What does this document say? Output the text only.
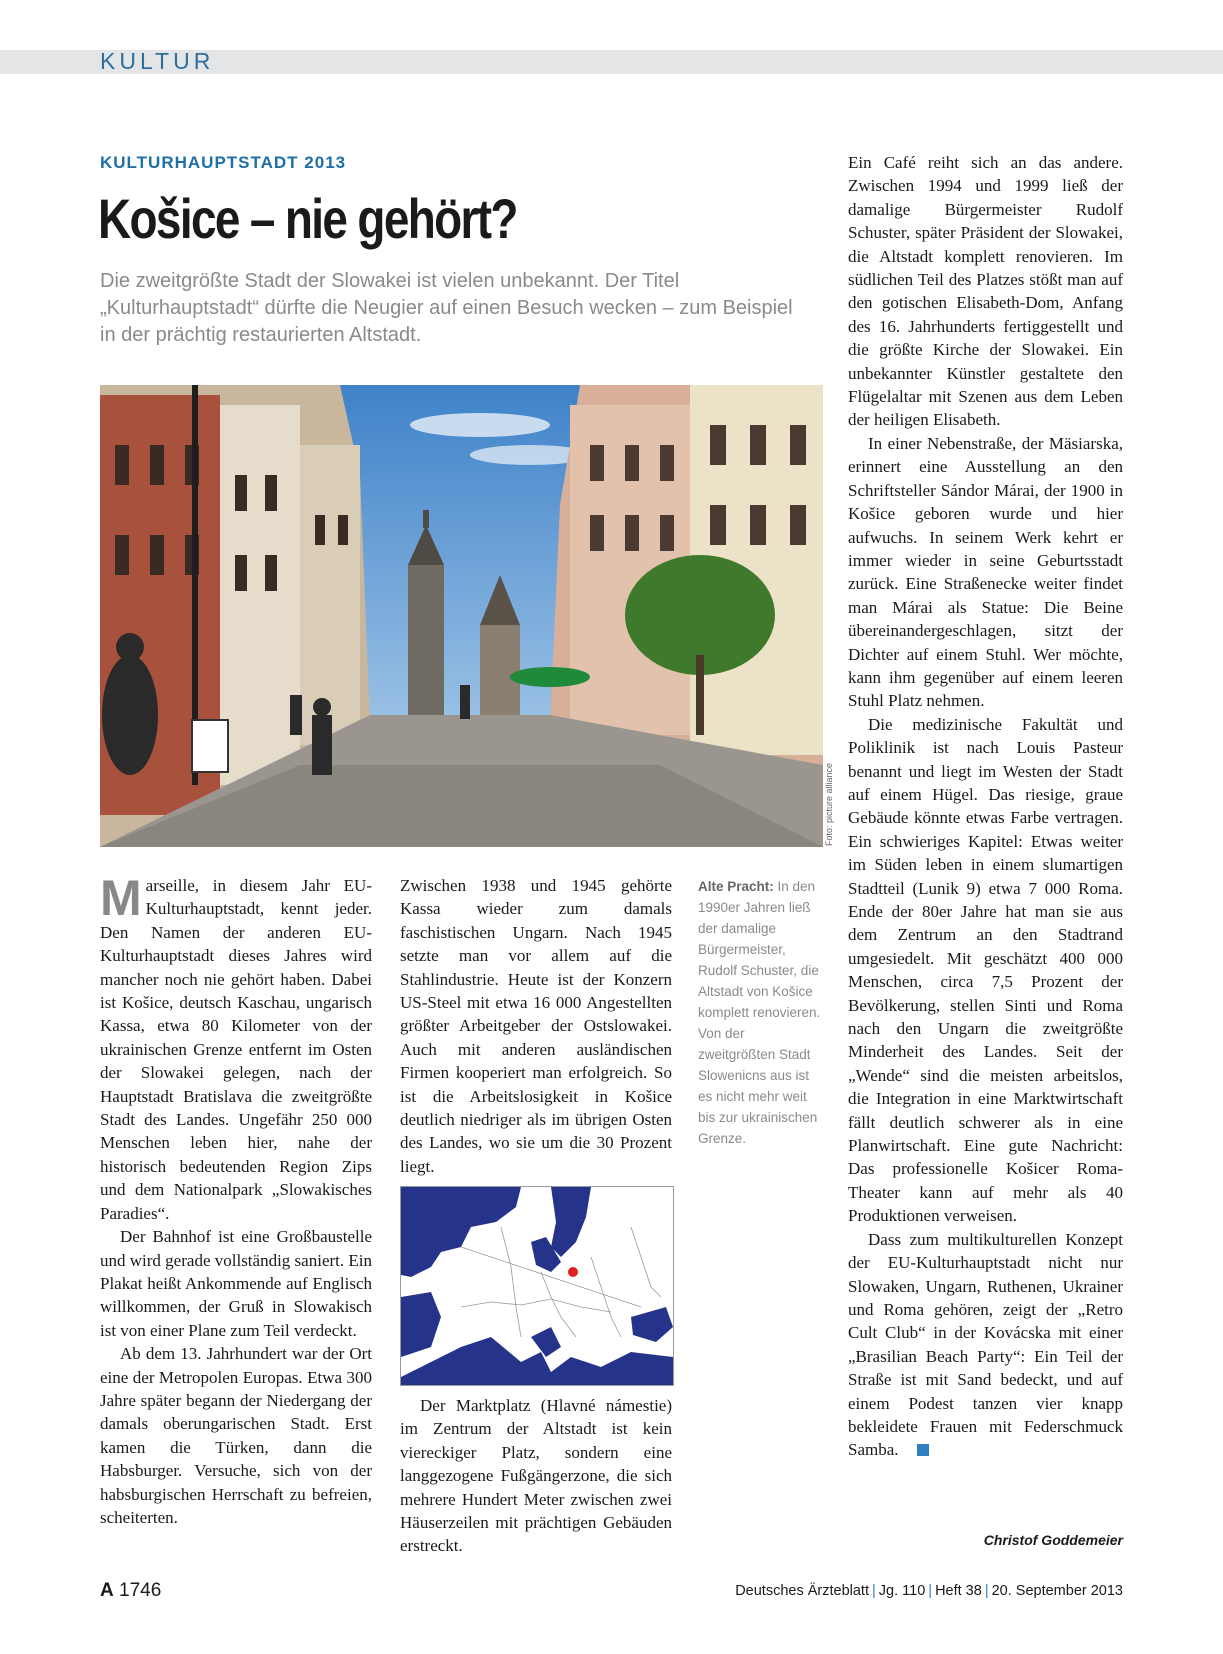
KULTUR
KULTURHAUPTSTADT 2013
Košice – nie gehört?
Die zweitgrößte Stadt der Slowakei ist vielen unbekannt. Der Titel „Kulturhauptstadt“ dürfte die Neugier auf einen Besuch wecken – zum Beispiel in der prächtig restaurierten Altstadt.
Foto: picture alliance

Marseille, in diesem Jahr EU-Kulturhauptstadt, kennt jeder. Den Namen der anderen EU-Kulturhauptstadt dieses Jahres wird mancher noch nie gehört haben. Dabei ist Košice, deutsch Kaschau, ungarisch Kassa, etwa 80 Kilometer von der ukrainischen Grenze entfernt im Osten der Slowakei gelegen, nach der Hauptstadt Bratislava die zweitgrößte Stadt des Landes. Ungefähr 250 000 Menschen leben hier, nahe der historisch bedeutenden Region Zips und dem Nationalpark „Slowakisches Paradies“.

Der Bahnhof ist eine Großbaustelle und wird gerade vollständig saniert. Ein Plakat heißt Ankommende auf Englisch willkommen, der Gruß in Slowakisch ist von einer Plane zum Teil verdeckt.

Ab dem 13. Jahrhundert war der Ort eine der Metropolen Europas. Etwa 300 Jahre später begann der Niedergang der damals oberungarischen Stadt. Erst kamen die Türken, dann die Habsburger. Versuche, sich von der habsburgischen Herrschaft zu befreien, scheiterten.

Zwischen 1938 und 1945 gehörte Kassa wieder zum damals faschistischen Ungarn. Nach 1945 setzte man vor allem auf die Stahlindustrie. Heute ist der Konzern US-Steel mit etwa 16 000 Angestellten größter Arbeitgeber der Ostslowakei. Auch mit anderen ausländischen Firmen kooperiert man erfolgreich. So ist die Arbeitslosigkeit in Košice deutlich niedriger als im übrigen Osten des Landes, wo sie um die 30 Prozent liegt.

Der Marktplatz (Hlavné námestie) im Zentrum der Altstadt ist kein viereckiger Platz, sondern eine langgezogene Fußgängerzone, die sich mehrere Hundert Meter zwischen zwei Häuserzeilen mit prächtigen Gebäuden erstreckt.

Alte Pracht: In den 1990er Jahren ließ der damalige Bürgermeister, Rudolf Schuster, die Altstadt von Košice komplett renovieren. Von der zweitgrößten Stadt Slowenicns aus ist es nicht mehr weit bis zur ukrainischen Grenze.

Ein Café reiht sich an das andere. Zwischen 1994 und 1999 ließ der damalige Bürgermeister Rudolf Schuster, später Präsident der Slowakei, die Altstadt komplett renovieren. Im südlichen Teil des Platzes stößt man auf den gotischen Elisabeth-Dom, Anfang des 16. Jahrhunderts fertiggestellt und die größte Kirche der Slowakei. Ein unbekannter Künstler gestaltete den Flügelaltar mit Szenen aus dem Leben der heiligen Elisabeth.

In einer Nebenstraße, der Mäsiarska, erinnert eine Ausstellung an den Schriftsteller Sándor Márai, der 1900 in Košice geboren wurde und hier aufwuchs. In seinem Werk kehrt er immer wieder in seine Geburtsstadt zurück. Eine Straßenecke weiter findet man Márai als Statue: Die Beine übereinandergeschlagen, sitzt der Dichter auf einem Stuhl. Wer möchte, kann ihm gegenüber auf einem leeren Stuhl Platz nehmen.

Die medizinische Fakultät und Poliklinik ist nach Louis Pasteur benannt und liegt im Westen der Stadt auf einem Hügel. Das riesige, graue Gebäude könnte etwas Farbe vertragen. Ein schwieriges Kapitel: Etwas weiter im Süden leben in einem slumartigen Stadtteil (Lunik 9) etwa 7 000 Roma. Ende der 80er Jahre hat man sie aus dem Zentrum an den Stadtrand umgesiedelt. Mit geschätzt 400 000 Menschen, circa 7,5 Prozent der Bevölkerung, stellen Sinti und Roma nach den Ungarn die zweitgrößte Minderheit des Landes. Seit der „Wende“ sind die meisten arbeitslos, die Integration in eine Marktwirtschaft fällt deutlich schwerer als in eine Planwirtschaft. Eine gute Nachricht: Das professionelle Košicer Roma-Theater kann auf mehr als 40 Produktionen verweisen.

Dass zum multikulturellen Konzept der EU-Kulturhauptstadt nicht nur Slowaken, Ungarn, Ruthenen, Ukrainer und Roma gehören, zeigt der „Retro Cult Club“ in der Kovácska mit einer „Brasilian Beach Party“: Ein Teil der Straße ist mit Sand bedeckt, und auf einem Podest tanzen vier knapp bekleidete Frauen mit Federschmuck Samba.

Christof Goddemeier
A 1746	Deutsches Ärzteblatt | Jg. 110 | Heft 38 | 20. September 2013
